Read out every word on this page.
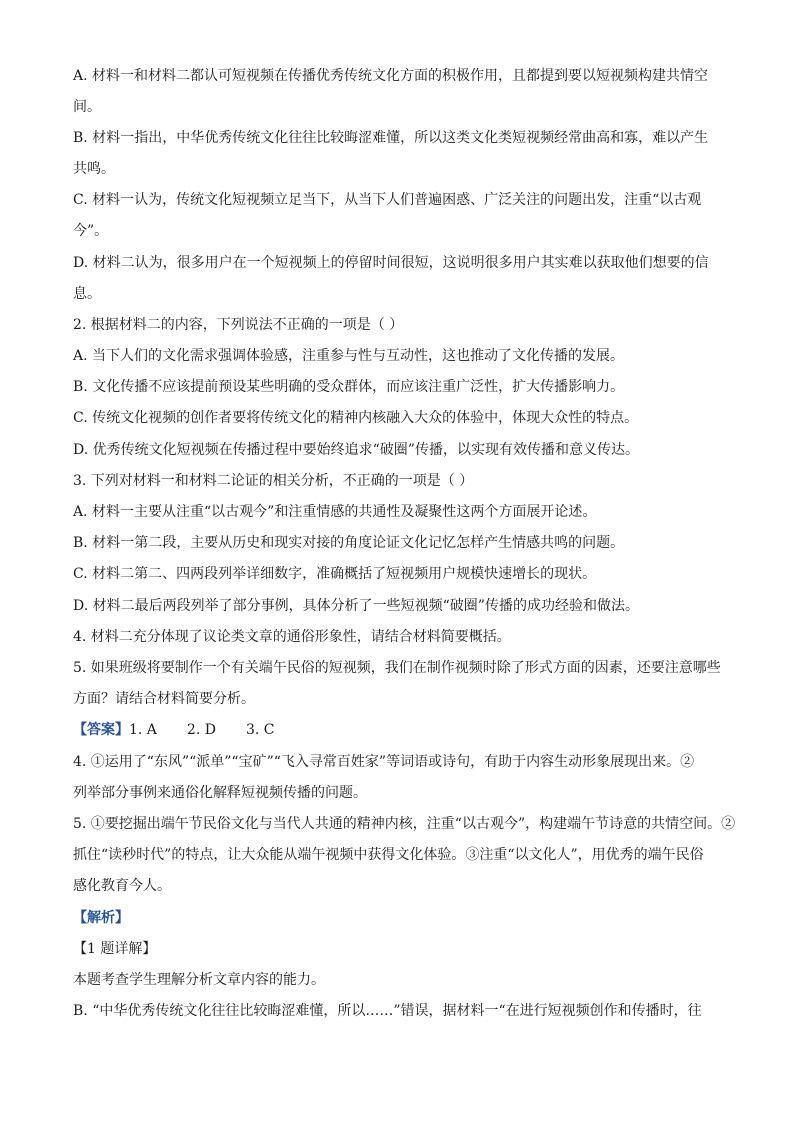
A. 材料一和材料二都认可短视频在传播优秀传统文化方面的积极作用，且都提到要以短视频构建共情空
间。
B. 材料一指出，中华优秀传统文化往往比较晦涩难懂，所以这类文化类短视频经常曲高和寡，难以产生
共鸣。
C. 材料一认为，传统文化短视频立足当下，从当下人们普遍困惑、广泛关注的问题出发，注重“以古观
今”。
D. 材料二认为，很多用户在一个短视频上的停留时间很短，这说明很多用户其实难以获取他们想要的信
息。
2. 根据材料二的内容，下列说法不正确的一项是（ ）
A. 当下人们的文化需求强调体验感，注重参与性与互动性，这也推动了文化传播的发展。
B. 文化传播不应该提前预设某些明确的受众群体，而应该注重广泛性，扩大传播影响力。
C. 传统文化视频的创作者要将传统文化的精神内核融入大众的体验中，体现大众性的特点。
D. 优秀传统文化短视频在传播过程中要始终追求“破圈”传播，以实现有效传播和意义传达。
3. 下列对材料一和材料二论证的相关分析，不正确的一项是（ ）
A. 材料一主要从注重“以古观今”和注重情感的共通性及凝聚性这两个方面展开论述。
B. 材料一第二段，主要从历史和现实对接的角度论证文化记忆怎样产生情感共鸣的问题。
C. 材料二第二、四两段列举详细数字，准确概括了短视频用户规模快速增长的现状。
D. 材料二最后两段列举了部分事例，具体分析了一些短视频“破圈”传播的成功经验和做法。
4. 材料二充分体现了议论类文章的通俗形象性，请结合材料简要概括。
5. 如果班级将要制作一个有关端午民俗的短视频，我们在制作视频时除了形式方面的因素，还要注意哪些
方面？请结合材料简要分析。
【答案】1. A 2. D 3. C
4. ①运用了“东风”“派单”“宝矿”“飞入寻常百姓家”等词语或诗句，有助于内容生动形象展现出来。②
列举部分事例来通俗化解释短视频传播的问题。
5. ①要挖掘出端午节民俗文化与当代人共通的精神内核，注重“以古观今”，构建端午节诗意的共情空间。②
抓住“读秒时代”的特点，让大众能从端午视频中获得文化体验。③注重“以文化人”，用优秀的端午民俗
感化教育今人。
【解析】
【1 题详解】
本题考查学生理解分析文章内容的能力。
B. “中华优秀传统文化往往比较晦涩难懂，所以……”错误，据材料一“在进行短视频创作和传播时，往
